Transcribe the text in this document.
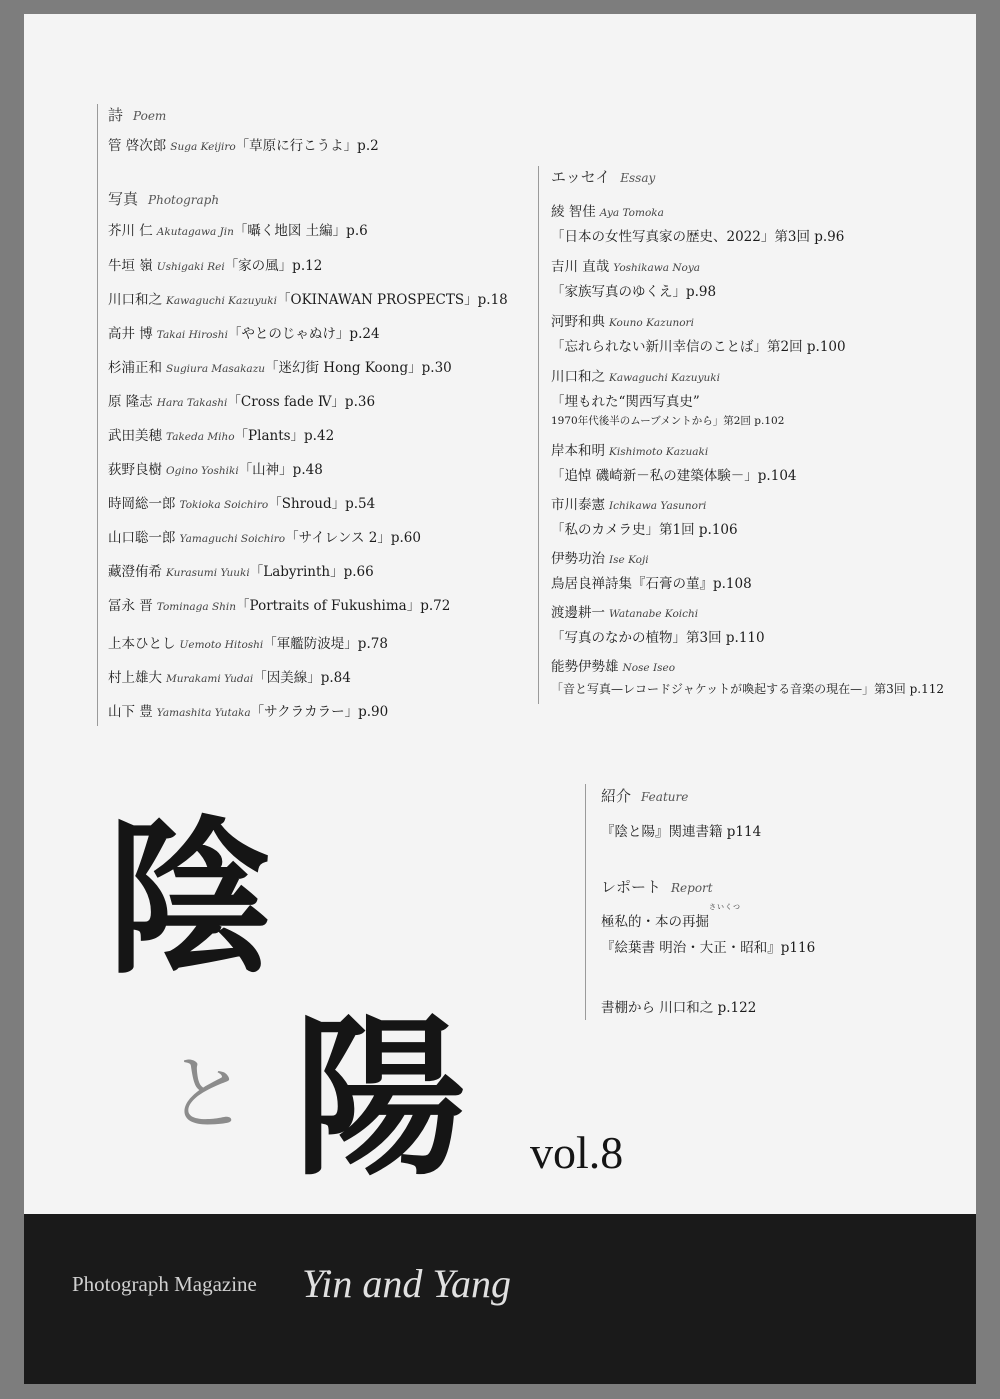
詩 Poem
管 啓次郎 Suga Keijiro「草原に行こうよ」p.2
写真 Photograph
芥川 仁 Akutagawa Jin「囁く地図 土編」p.6
牛垣 嶺 Ushigaki Rei「家の風」p.12
川口和之 Kawaguchi Kazuyuki「OKINAWAN PROSPECTS」p.18
高井 博 Takai Hiroshi「やとのじゃぬけ」p.24
杉浦正和 Sugiura Masakazu「迷幻街 Hong Koong」p.30
原 隆志 Hara Takashi「Cross fade Ⅳ」p.36
武田美穂 Takeda Miho「Plants」p.42
荻野良樹 Ogino Yoshiki「山神」p.48
時岡総一郎 Tokioka Soichiro「Shroud」p.54
山口聡一郎 Yamaguchi Soichiro「サイレンス 2」p.60
藏澄侑希 Kurasumi Yuuki「Labyrinth」p.66
冨永 晋 Tominaga Shin「Portraits of Fukushima」p.72
上本ひとし Uemoto Hitoshi「軍艦防波堤」p.78
村上雄大 Murakami Yudai「因美線」p.84
山下 豊 Yamashita Yutaka「サクラカラー」p.90
エッセイ Essay
綾 智佳 Aya Tomoka
「日本の女性写真家の歴史、2022」第3回 p.96
吉川 直哉 Yoshikawa Noya
「家族写真のゆくえ」p.98
河野和典 Kouno Kazunori
「忘れられない新川幸信のことば」第2回 p.100
川口和之 Kawaguchi Kazuyuki
「埋もれた“関西写真史”
1970年代後半のムーブメントから」第2回 p.102
岸本和明 Kishimoto Kazuaki
「追悼 磯崎新－私の建築体験－」p.104
市川泰憲 Ichikawa Yasunori
「私のカメラ史」第1回 p.106
伊勢功治 Ise Koji
鳥居良禅詩集『石膏の菫』p.108
渡邊耕一 Watanabe Koichi
「写真のなかの植物」第3回 p.110
能勢伊勢雄 Nose Iseo
「音と写真—レコードジャケットが喚起する音楽の現在—」第3回 p.112
紹介 Feature
『陰と陽』関連書籍 p114
レポート Report
極私的・本の再掘
さいくつ
『絵葉書 明治・大正・昭和』p116
書棚から 川口和之 p.122
陰
と 陽 vol.8
Photograph Magazine Yin and Yang
